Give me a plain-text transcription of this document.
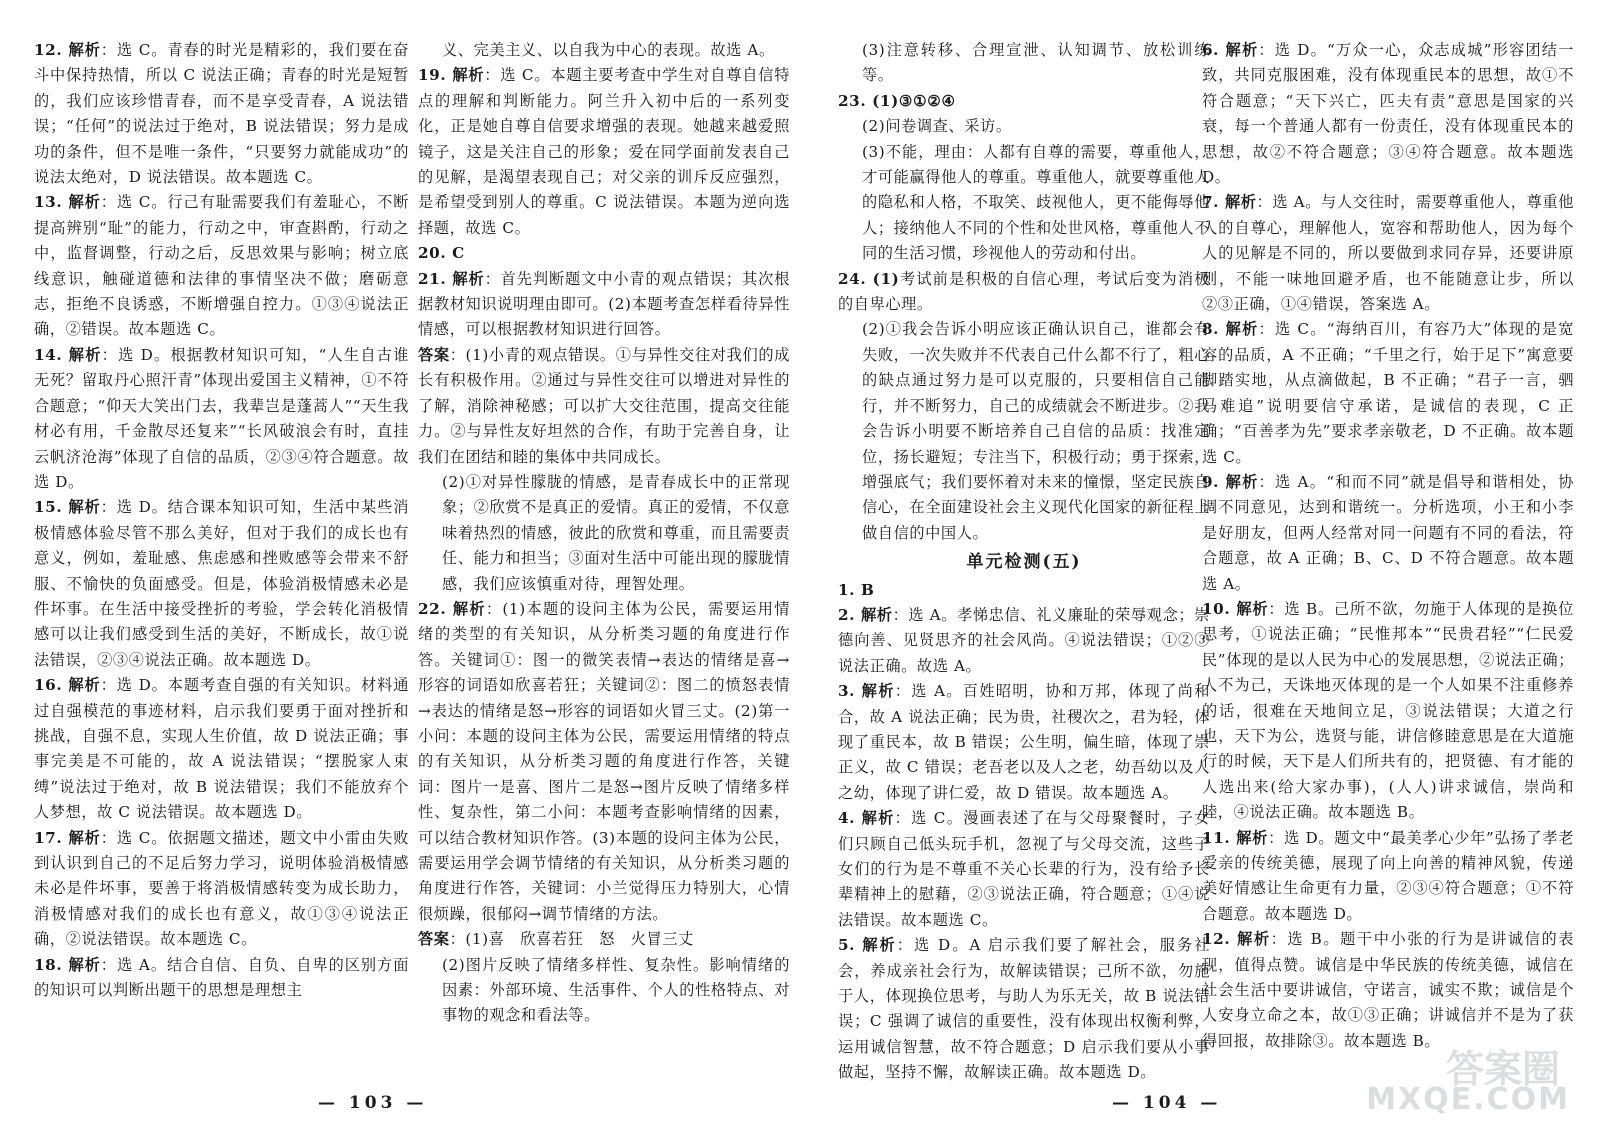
12. 解析：选 C。青春的时光是精彩的，我们要在奋斗中保持热情，所以 C 说法正确；青春的时光是短暂的，我们应该珍惜青春，而不是享受青春，A 说法错误；“任何”的说法过于绝对，B 说法错误；努力是成功的条件，但不是唯一条件，“只要努力就能成功”的说法太绝对，D 说法错误。故本题选 C。

13. 解析：选 C。行己有耻需要我们有羞耻心，不断提高辨别“耻”的能力，行动之中，审查斟酌，行动之中，监督调整，行动之后，反思效果与影响；树立底线意识，触碰道德和法律的事情坚决不做；磨砺意志，拒绝不良诱惑，不断增强自控力。①③④说法正确，②错误。故本题选 C。

14. 解析：选 D。根据教材知识可知，“人生自古谁无死？留取丹心照汗青”体现出爱国主义精神，①不符合题意；“仰天大笑出门去，我辈岂是蓬蒿人”“天生我材必有用，千金散尽还复来”“长风破浪会有时，直挂云帆济沧海”体现了自信的品质，②③④符合题意。故选 D。

15. 解析：选 D。结合课本知识可知，生活中某些消极情感体验尽管不那么美好，但对于我们的成长也有意义，例如，羞耻感、焦虑感和挫败感等会带来不舒服、不愉快的负面感受。但是，体验消极情感未必是件坏事。在生活中接受挫折的考验，学会转化消极情感可以让我们感受到生活的美好，不断成长，故①说法错误，②③④说法正确。故本题选 D。

16. 解析：选 D。本题考查自强的有关知识。材料通过自强模范的事迹材料，启示我们要勇于面对挫折和挑战，自强不息，实现人生价值，故 D 说法正确；事事完美是不可能的，故 A 说法错误；“摆脱家人束缚”说法过于绝对，故 B 说法错误；我们不能放弃个人梦想，故 C 说法错误。故本题选 D。

17. 解析：选 C。依据题文描述，题文中小雷由失败到认识到自己的不足后努力学习，说明体验消极情感未必是件坏事，要善于将消极情感转变为成长助力，消极情感对我们的成长也有意义，故①③④说法正确，②说法错误。故本题选 C。

18. 解析：选 A。结合自信、自负、自卑的区别方面的知识可以判断出题干的思想是理想主

义、完美主义、以自我为中心的表现。故选 A。

19. 解析：选 C。本题主要考查中学生对自尊自信特点的理解和判断能力。阿兰升入初中后的一系列变化，正是她自尊自信要求增强的表现。她越来越爱照镜子，这是关注自己的形象；爱在同学面前发表自己的见解，是渴望表现自己；对父亲的训斥反应强烈，是希望受到别人的尊重。C 说法错误。本题为逆向选择题，故选 C。

20. C

21. 解析：首先判断题文中小青的观点错误；其次根据教材知识说明理由即可。(2)本题考查怎样看待异性情感，可以根据教材知识进行回答。

答案：(1)小青的观点错误。①与异性交往对我们的成长有积极作用。②通过与异性交往可以增进对异性的了解，消除神秘感；可以扩大交往范围，提高交往能力。②与异性友好坦然的合作，有助于完善自身，让我们在团结和睦的集体中共同成长。

(2)①对异性朦胧的情感，是青春成长中的正常现象；②欣赏不是真正的爱情。真正的爱情，不仅意味着热烈的情感，彼此的欣赏和尊重，而且需要责任、能力和担当；③面对生活中可能出现的朦胧情感，我们应该慎重对待，理智处理。

22. 解析：(1)本题的设问主体为公民，需要运用情绪的类型的有关知识，从分析类习题的角度进行作答。关键词①：图一的微笑表情→表达的情绪是喜→形容的词语如欣喜若狂；关键词②：图二的愤怒表情→表达的情绪是怒→形容的词语如火冒三丈。(2)第一小问：本题的设问主体为公民，需要运用情绪的特点的有关知识，从分析类习题的角度进行作答，关键词：图片一是喜、图片二是怒→图片反映了情绪多样性、复杂性，第二小问：本题考查影响情绪的因素，可以结合教材知识作答。(3)本题的设问主体为公民，需要运用学会调节情绪的有关知识，从分析类习题的角度进行作答，关键词：小兰觉得压力特别大，心情很烦躁，很郁闷→调节情绪的方法。

答案：(1)喜　欣喜若狂　怒　火冒三丈

(2)图片反映了情绪多样性、复杂性。影响情绪的因素：外部环境、生活事件、个人的性格特点、对事物的观念和看法等。

— 103 —

(3)注意转移、合理宣泄、认知调节、放松训练等。

23. (1)③①②④

(2)问卷调查、采访。

(3)不能，理由：人都有自尊的需要，尊重他人，才可能赢得他人的尊重。尊重他人，就要尊重他人的隐私和人格，不取笑、歧视他人，更不能侮辱他人；接纳他人不同的个性和处世风格，尊重他人不同的生活习惯，珍视他人的劳动和付出。

24. (1)考试前是积极的自信心理，考试后变为消极的自卑心理。

(2)①我会告诉小明应该正确认识自己，谁都会有失败，一次失败并不代表自己什么都不行了，粗心的缺点通过努力是可以克服的，只要相信自己能行，并不断努力，自己的成绩就会不断进步。②我会告诉小明要不断培养自己自信的品质：找准定位，扬长避短；专注当下，积极行动；勇于探索，增强底气；我们要怀着对未来的憧憬，坚定民族自信心，在全面建设社会主义现代化国家的新征程上做自信的中国人。

单元检测(五)

1. B

2. 解析：选 A。孝悌忠信、礼义廉耻的荣辱观念；崇德向善、见贤思齐的社会风尚。④说法错误；①②③说法正确。故选 A。

3. 解析：选 A。百姓昭明，协和万邦，体现了尚和合，故 A 说法正确；民为贵，社稷次之，君为轻，体现了重民本，故 B 错误；公生明，偏生暗，体现了崇正义，故 C 错误；老吾老以及人之老，幼吾幼以及人之幼，体现了讲仁爱，故 D 错误。故本题选 A。

4. 解析：选 C。漫画表述了在与父母聚餐时，子女们只顾自己低头玩手机，忽视了与父母交流，这些子女们的行为是不尊重不关心长辈的行为，没有给予长辈精神上的慰藉，②③说法正确，符合题意；①④说法错误。故本题选 C。

5. 解析：选 D。A 启示我们要了解社会，服务社会，养成亲社会行为，故解读错误；己所不欲，勿施于人，体现换位思考，与助人为乐无关，故 B 说法错误；C 强调了诚信的重要性，没有体现出权衡利弊，运用诚信智慧，故不符合题意；D 启示我们要从小事做起，坚持不懈，故解读正确。故本题选 D。

6. 解析：选 D。“万众一心，众志成城”形容团结一致，共同克服困难，没有体现重民本的思想，故①不符合题意；“天下兴亡，匹夫有责”意思是国家的兴衰，每一个普通人都有一份责任，没有体现重民本的思想，故②不符合题意；③④符合题意。故本题选 D。

7. 解析：选 A。与人交往时，需要尊重他人，尊重他人的自尊心，理解他人，宽容和帮助他人，因为每个人的见解是不同的，所以要做到求同存异，还要讲原则，不能一味地回避矛盾，也不能随意让步，所以②③正确，①④错误，答案选 A。

8. 解析：选 C。“海纳百川，有容乃大”体现的是宽容的品质，A 不正确；“千里之行，始于足下”寓意要脚踏实地，从点滴做起，B 不正确；“君子一言，驷马难追”说明要信守承诺，是诚信的表现，C 正确；“百善孝为先”要求孝亲敬老，D 不正确。故本题选 C。

9. 解析：选 A。“和而不同”就是倡导和谐相处，协调不同意见，达到和谐统一。分析选项，小王和小李是好朋友，但两人经常对同一问题有不同的看法，符合题意，故 A 正确；B、C、D 不符合题意。故本题选 A。

10. 解析：选 B。己所不欲，勿施于人体现的是换位思考，①说法正确；“民惟邦本”“民贵君轻”“仁民爱民”体现的是以人民为中心的发展思想，②说法正确；人不为己，天诛地灭体现的是一个人如果不注重修养的话，很难在天地间立足，③说法错误；大道之行也，天下为公，选贤与能，讲信修睦意思是在大道施行的时候，天下是人们所共有的，把贤德、有才能的人选出来(给大家办事)，(人人)讲求诚信，崇尚和睦，④说法正确。故本题选 B。

11. 解析：选 D。题文中“最美孝心少年”弘扬了孝老爱亲的传统美德，展现了向上向善的精神风貌，传递美好情感让生命更有力量，②③④符合题意；①不符合题意。故本题选 D。

12. 解析：选 B。题干中小张的行为是讲诚信的表现，值得点赞。诚信是中华民族的传统美德，诚信在社会生活中要讲诚信，守诺言，诚实不欺；诚信是个人安身立命之本，故①③正确；讲诚信并不是为了获得回报，故排除③。故本题选 B。

— 104 —
答案圈
MXQE.COM
